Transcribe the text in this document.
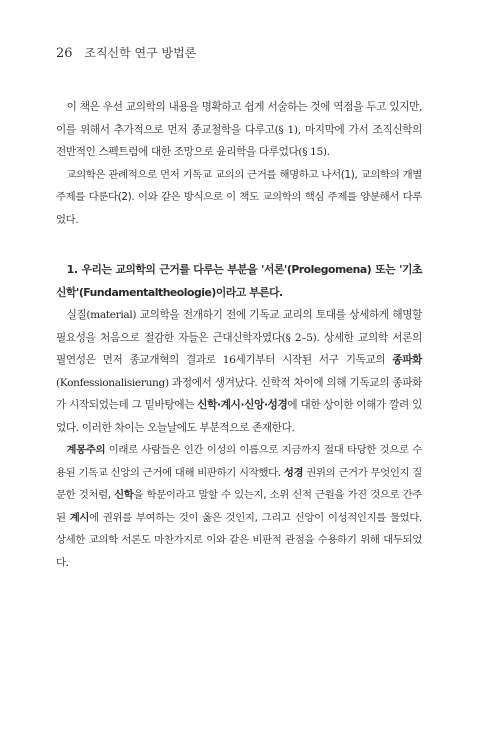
26 조직신학 연구 방법론

이 책은 우선 교의학의 내용을 명확하고 쉽게 서술하는 것에 역점을 두고 있지만, 이를 위해서 추가적으로 먼저 종교철학을 다루고(§ 1), 마지막에 가서 조직신학의 전반적인 스펙트럼에 대한 조망으로 윤리학을 다루었다(§ 15).

교의학은 관례적으로 먼저 기독교 교의의 근거를 해명하고 나서(1), 교의학의 개별 주제를 다룬다(2). 이와 같은 방식으로 이 책도 교의학의 핵심 주제를 양분해서 다루었다.

1. 우리는 교의학의 근거를 다루는 부분을 '서론'(Prolegomena) 또는 '기초신학'(Fundamentaltheologie)이라고 부른다.

실질(material) 교의학을 전개하기 전에 기독교 교리의 토대를 상세하게 해명할 필요성을 처음으로 절감한 자들은 근대신학자였다(§ 2–5). 상세한 교의학 서론의 필연성은 먼저 종교개혁의 결과로 16세기부터 시작된 서구 기독교의 종파화(Konfessionalisierung) 과정에서 생겨났다. 신학적 차이에 의해 기독교의 종파화가 시작되었는데 그 밑바탕에는 신학·계시·신앙·성경에 대한 상이한 이해가 깔려 있었다. 이러한 차이는 오늘날에도 부분적으로 존재한다.

계몽주의 이래로 사람들은 인간 이성의 이름으로 지금까지 절대 타당한 것으로 수용된 기독교 신앙의 근거에 대해 비판하기 시작했다. 성경 권위의 근거가 무엇인지 질문한 것처럼, 신학을 학문이라고 말할 수 있는지, 소위 신적 근원을 가진 것으로 간주된 계시에 권위를 부여하는 것이 옳은 것인지, 그리고 신앙이 이성적인지를 물었다. 상세한 교의학 서론도 마찬가지로 이와 같은 비판적 관점을 수용하기 위해 대두되었다.
